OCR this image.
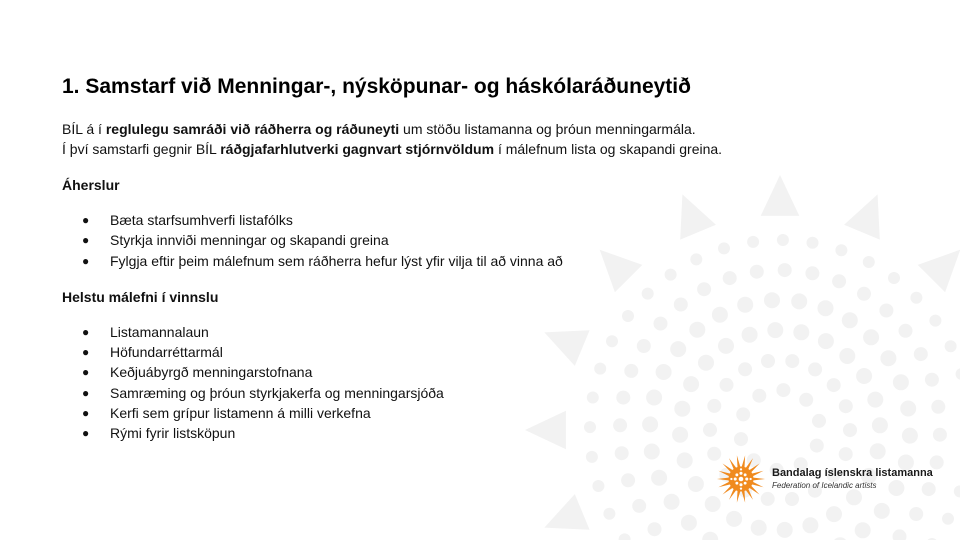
1. Samstarf við Menningar-, nýsköpunar- og háskólaráðuneytið
BÍL á í reglulegu samráði við ráðherra og ráðuneyti um stöðu listamanna og þróun menningarmála.
Í því samstarfi gegnir BÍL ráðgjafarhlutverki gagnvart stjórnvöldum í málefnum lista og skapandi greina.
Áherslur
● Bæta starfsumhverfi listafólks
● Styrkja innviði menningar og skapandi greina
● Fylgja eftir þeim málefnum sem ráðherra hefur lýst yfir vilja til að vinna að
Helstu málefni í vinnslu
● Listamannalaun
● Höfundarréttarmál
● Keðjuábyrgð menningarstofnana
● Samræming og þróun styrkjakerfa og menningarsjóða
● Kerfi sem grípur listamenn á milli verkefna
● Rými fyrir listsköpun
Bandalag íslenskra listamanna
Federation of Icelandic artists
